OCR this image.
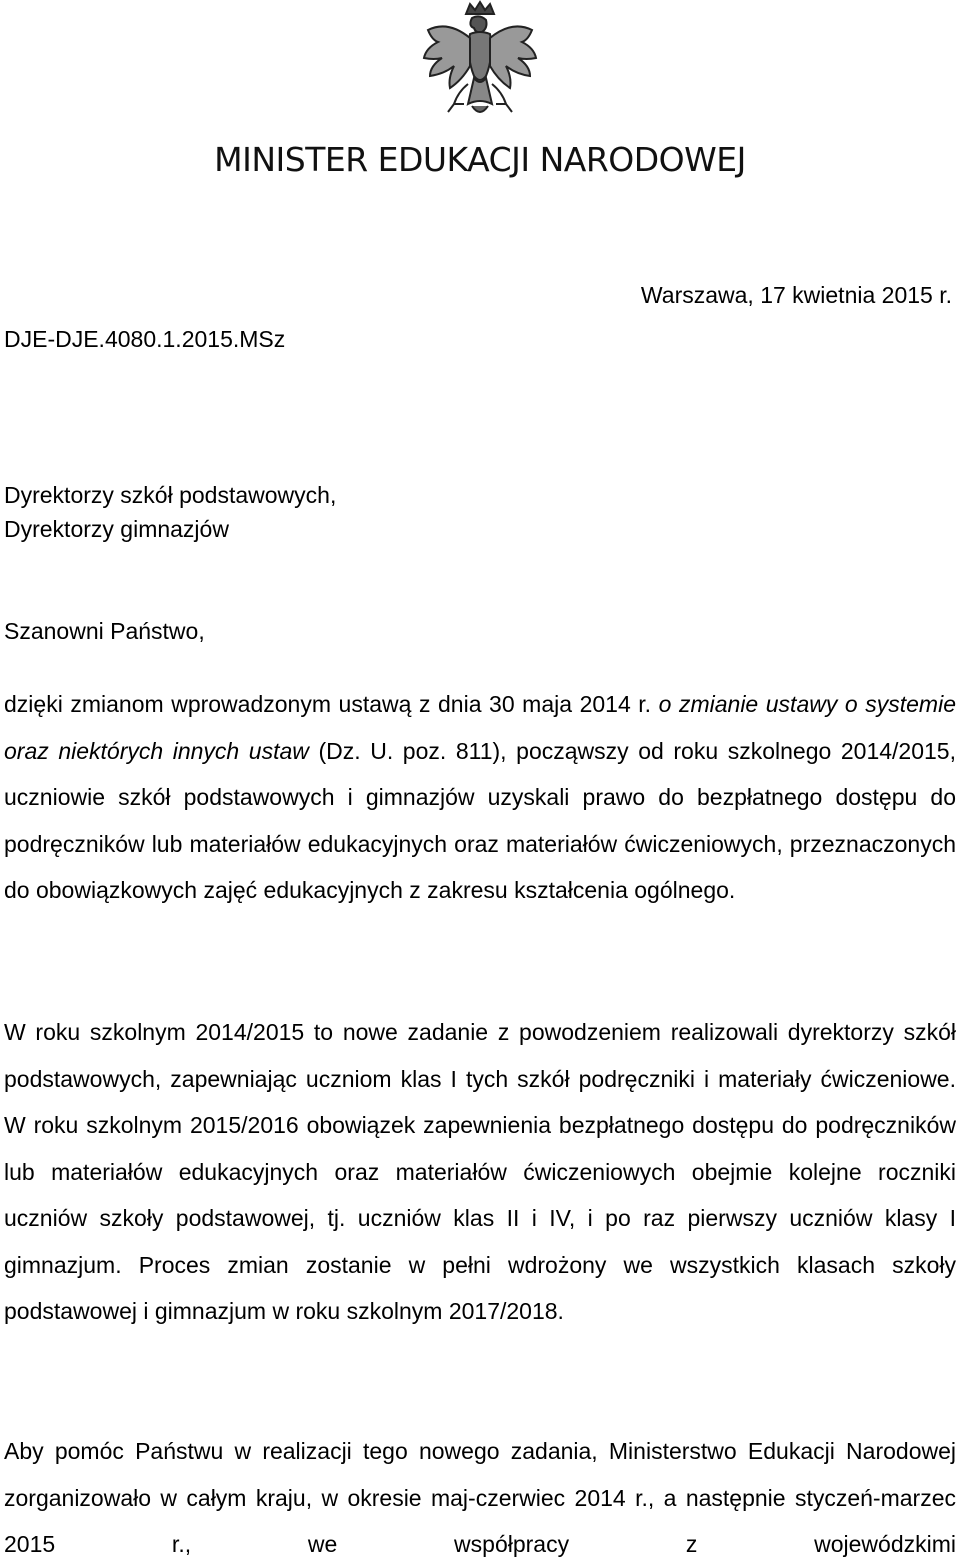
MINISTER EDUKACJI NARODOWEJ
DJE-DJE.4080.1.2015.MSz
Warszawa, 17 kwietnia 2015 r.
Dyrektorzy szkół podstawowych,
Dyrektorzy gimnazjów
Szanowni Państwo,
dzięki zmianom wprowadzonym ustawą z dnia 30 maja 2014 r. o zmianie ustawy o systemie oraz niektórych innych ustaw (Dz. U. poz. 811), począwszy od roku szkolnego 2014/2015, uczniowie szkół podstawowych i gimnazjów uzyskali prawo do bezpłatnego dostępu do podręczników lub materiałów edukacyjnych oraz materiałów ćwiczeniowych, przeznaczonych do obowiązkowych zajęć edukacyjnych z zakresu kształcenia ogólnego.
W roku szkolnym 2014/2015 to nowe zadanie z powodzeniem realizowali dyrektorzy szkół podstawowych, zapewniając uczniom klas I tych szkół podręczniki i materiały ćwiczeniowe. W roku szkolnym 2015/2016 obowiązek zapewnienia bezpłatnego dostępu do podręczników lub materiałów edukacyjnych oraz materiałów ćwiczeniowych obejmie kolejne roczniki uczniów szkoły podstawowej, tj. uczniów klas II i IV, i po raz pierwszy uczniów klasy I gimnazjum. Proces zmian zostanie w pełni wdrożony we wszystkich klasach szkoły podstawowej i gimnazjum w roku szkolnym 2017/2018.
Aby pomóc Państwu w realizacji tego nowego zadania, Ministerstwo Edukacji Narodowej zorganizowało w całym kraju, w okresie maj-czerwiec 2014 r., a następnie styczeń-marzec 2015 r., we współpracy z wojewódzkimi
